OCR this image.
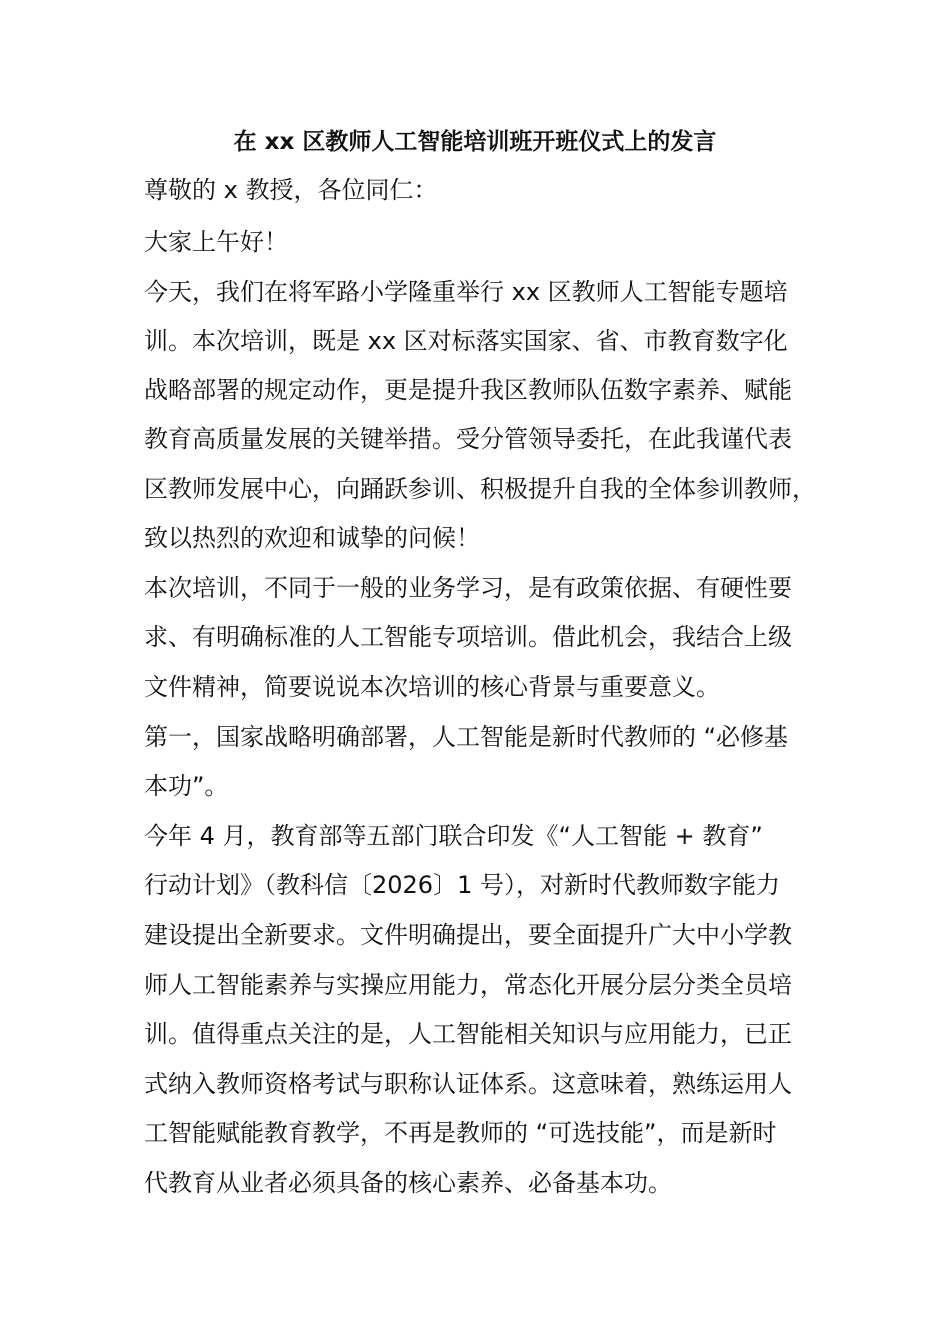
在 xx 区教师人工智能培训班开班仪式上的发言
尊敬的 x 教授，各位同仁：
大家上午好！
今天，我们在将军路小学隆重举行 xx 区教师人工智能专题培
训。本次培训，既是 xx 区对标落实国家、省、市教育数字化
战略部署的规定动作，更是提升我区教师队伍数字素养、赋能
教育高质量发展的关键举措。受分管领导委托，在此我谨代表
区教师发展中心，向踊跃参训、积极提升自我的全体参训教师，
致以热烈的欢迎和诚挚的问候！
本次培训，不同于一般的业务学习，是有政策依据、有硬性要
求、有明确标准的人工智能专项培训。借此机会，我结合上级
文件精神，简要说说本次培训的核心背景与重要意义。
第一，国家战略明确部署，人工智能是新时代教师的 “必修基
本功”。
今年 4 月，教育部等五部门联合印发《“人工智能 + 教育”
行动计划》（教科信〔2026〕1 号），对新时代教师数字能力
建设提出全新要求。文件明确提出，要全面提升广大中小学教
师人工智能素养与实操应用能力，常态化开展分层分类全员培
训。值得重点关注的是，人工智能相关知识与应用能力，已正
式纳入教师资格考试与职称认证体系。这意味着，熟练运用人
工智能赋能教育教学，不再是教师的 “可选技能”，而是新时
代教育从业者必须具备的核心素养、必备基本功。
